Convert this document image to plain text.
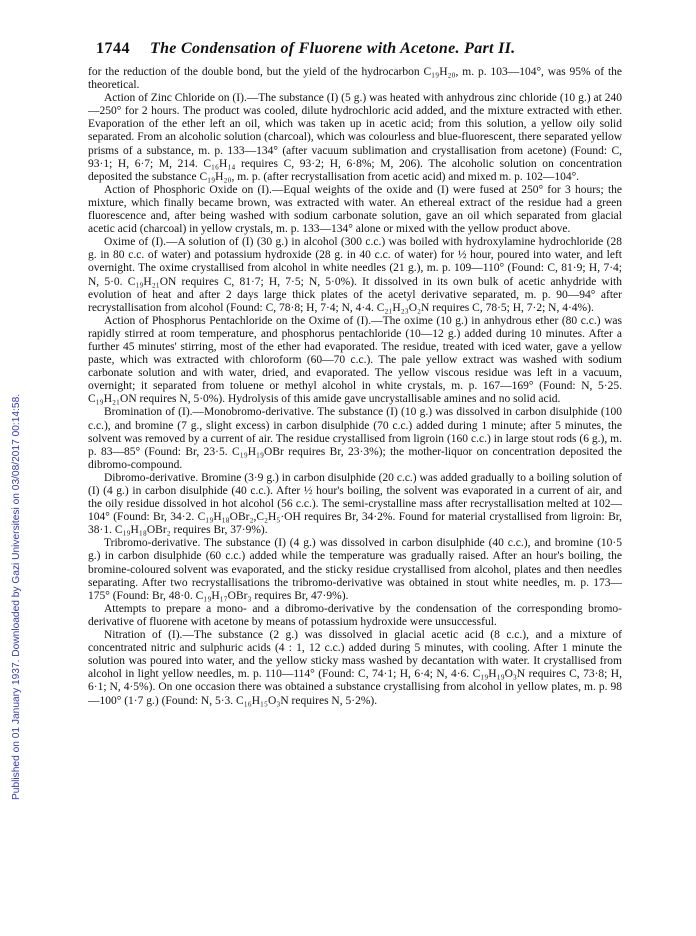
1744 The Condensation of Fluorene with Acetone. Part II.
Published on 01 January 1937. Downloaded by Gazi Universitesi on 03/08/2017 00:14:58.

for the reduction of the double bond, but the yield of the hydrocarbon C₁₉H₂₀, m. p. 103—104°, was 95% of the theoretical.

Action of Zinc Chloride on (I).—The substance (I) (5 g.) was heated with anhydrous zinc chloride (10 g.) at 240—250° for 2 hours. The product was cooled, dilute hydrochloric acid added, and the mixture extracted with ether. Evaporation of the ether left an oil, which was taken up in acetic acid; from this solution, a yellow oily solid separated. From an alcoholic solution (charcoal), which was colourless and blue-fluorescent, there separated yellow prisms of a substance, m. p. 133—134° (after vacuum sublimation and crystallisation from acetone) (Found: C, 93·1; H, 6·7; M, 214. C₁₆H₁₄ requires C, 93·2; H, 6·8%; M, 206). The alcoholic solution on concentration deposited the substance C₁₉H₂₀, m. p. (after recrystallisation from acetic acid) and mixed m. p. 102—104°.

Action of Phosphoric Oxide on (I).—Equal weights of the oxide and (I) were fused at 250° for 3 hours; the mixture, which finally became brown, was extracted with water. An ethereal extract of the residue had a green fluorescence and, after being washed with sodium carbonate solution, gave an oil which separated from glacial acetic acid (charcoal) in yellow crystals, m. p. 133—134° alone or mixed with the yellow product above.

Oxime of (I).—A solution of (I) (30 g.) in alcohol (300 c.c.) was boiled with hydroxylamine hydrochloride (28 g. in 80 c.c. of water) and potassium hydroxide (28 g. in 40 c.c. of water) for ½ hour, poured into water, and left overnight. The oxime crystallised from alcohol in white needles (21 g.), m. p. 109—110° (Found: C, 81·9; H, 7·4; N, 5·0. C₁₉H₂₁ON requires C, 81·7; H, 7·5; N, 5·0%). It dissolved in its own bulk of acetic anhydride with evolution of heat and after 2 days large thick plates of the acetyl derivative separated, m. p. 90—94° after recrystallisation from alcohol (Found: C, 78·8; H, 7·4; N, 4·4. C₂₁H₂₃O₂N requires C, 78·5; H, 7·2; N, 4·4%).

Action of Phosphorus Pentachloride on the Oxime of (I).—The oxime (10 g.) in anhydrous ether (80 c.c.) was rapidly stirred at room temperature, and phosphorus pentachloride (10—12 g.) added during 10 minutes. After a further 45 minutes' stirring, most of the ether had evaporated. The residue, treated with iced water, gave a yellow paste, which was extracted with chloroform (60—70 c.c.). The pale yellow extract was washed with sodium carbonate solution and with water, dried, and evaporated. The yellow viscous residue was left in a vacuum, overnight; it separated from toluene or methyl alcohol in white crystals, m. p. 167—169° (Found: N, 5·25. C₁₉H₂₁ON requires N, 5·0%). Hydrolysis of this amide gave uncrystallisable amines and no solid acid.

Bromination of (I).—Monobromo-derivative. The substance (I) (10 g.) was dissolved in carbon disulphide (100 c.c.), and bromine (7 g., slight excess) in carbon disulphide (70 c.c.) added during 1 minute; after 5 minutes, the solvent was removed by a current of air. The residue crystallised from ligroin (160 c.c.) in large stout rods (6 g.), m. p. 83—85° (Found: Br, 23·5. C₁₉H₁₉OBr requires Br, 23·3%); the mother-liquor on concentration deposited the dibromo-compound.

Dibromo-derivative. Bromine (3·9 g.) in carbon disulphide (20 c.c.) was added gradually to a boiling solution of (I) (4 g.) in carbon disulphide (40 c.c.). After ½ hour's boiling, the solvent was evaporated in a current of air, and the oily residue dissolved in hot alcohol (56 c.c.). The semi-crystalline mass after recrystallisation melted at 102—104° (Found: Br, 34·2. C₁₉H₁₈OBr₂,C₂H₅·OH requires Br, 34·2%. Found for material crystallised from ligroin: Br, 38·1. C₁₉H₁₈OBr₂ requires Br, 37·9%).

Tribromo-derivative. The substance (I) (4 g.) was dissolved in carbon disulphide (40 c.c.), and bromine (10·5 g.) in carbon disulphide (60 c.c.) added while the temperature was gradually raised. After an hour's boiling, the bromine-coloured solvent was evaporated, and the sticky residue crystallised from alcohol, plates and then needles separating. After two recrystallisations the tribromo-derivative was obtained in stout white needles, m. p. 173—175° (Found: Br, 48·0. C₁₉H₁₇OBr₃ requires Br, 47·9%).

Attempts to prepare a mono- and a dibromo-derivative by the condensation of the corresponding bromo-derivative of fluorene with acetone by means of potassium hydroxide were unsuccessful.

Nitration of (I).—The substance (2 g.) was dissolved in glacial acetic acid (8 c.c.), and a mixture of concentrated nitric and sulphuric acids (4 : 1, 12 c.c.) added during 5 minutes, with cooling. After 1 minute the solution was poured into water, and the yellow sticky mass washed by decantation with water. It crystallised from alcohol in light yellow needles, m. p. 110—114° (Found: C, 74·1; H, 6·4; N, 4·6. C₁₉H₁₉O₃N requires C, 73·8; H, 6·1; N, 4·5%). On one occasion there was obtained a substance crystallising from alcohol in yellow plates, m. p. 98—100° (1·7 g.) (Found: N, 5·3. C₁₆H₁₅O₃N requires N, 5·2%).
